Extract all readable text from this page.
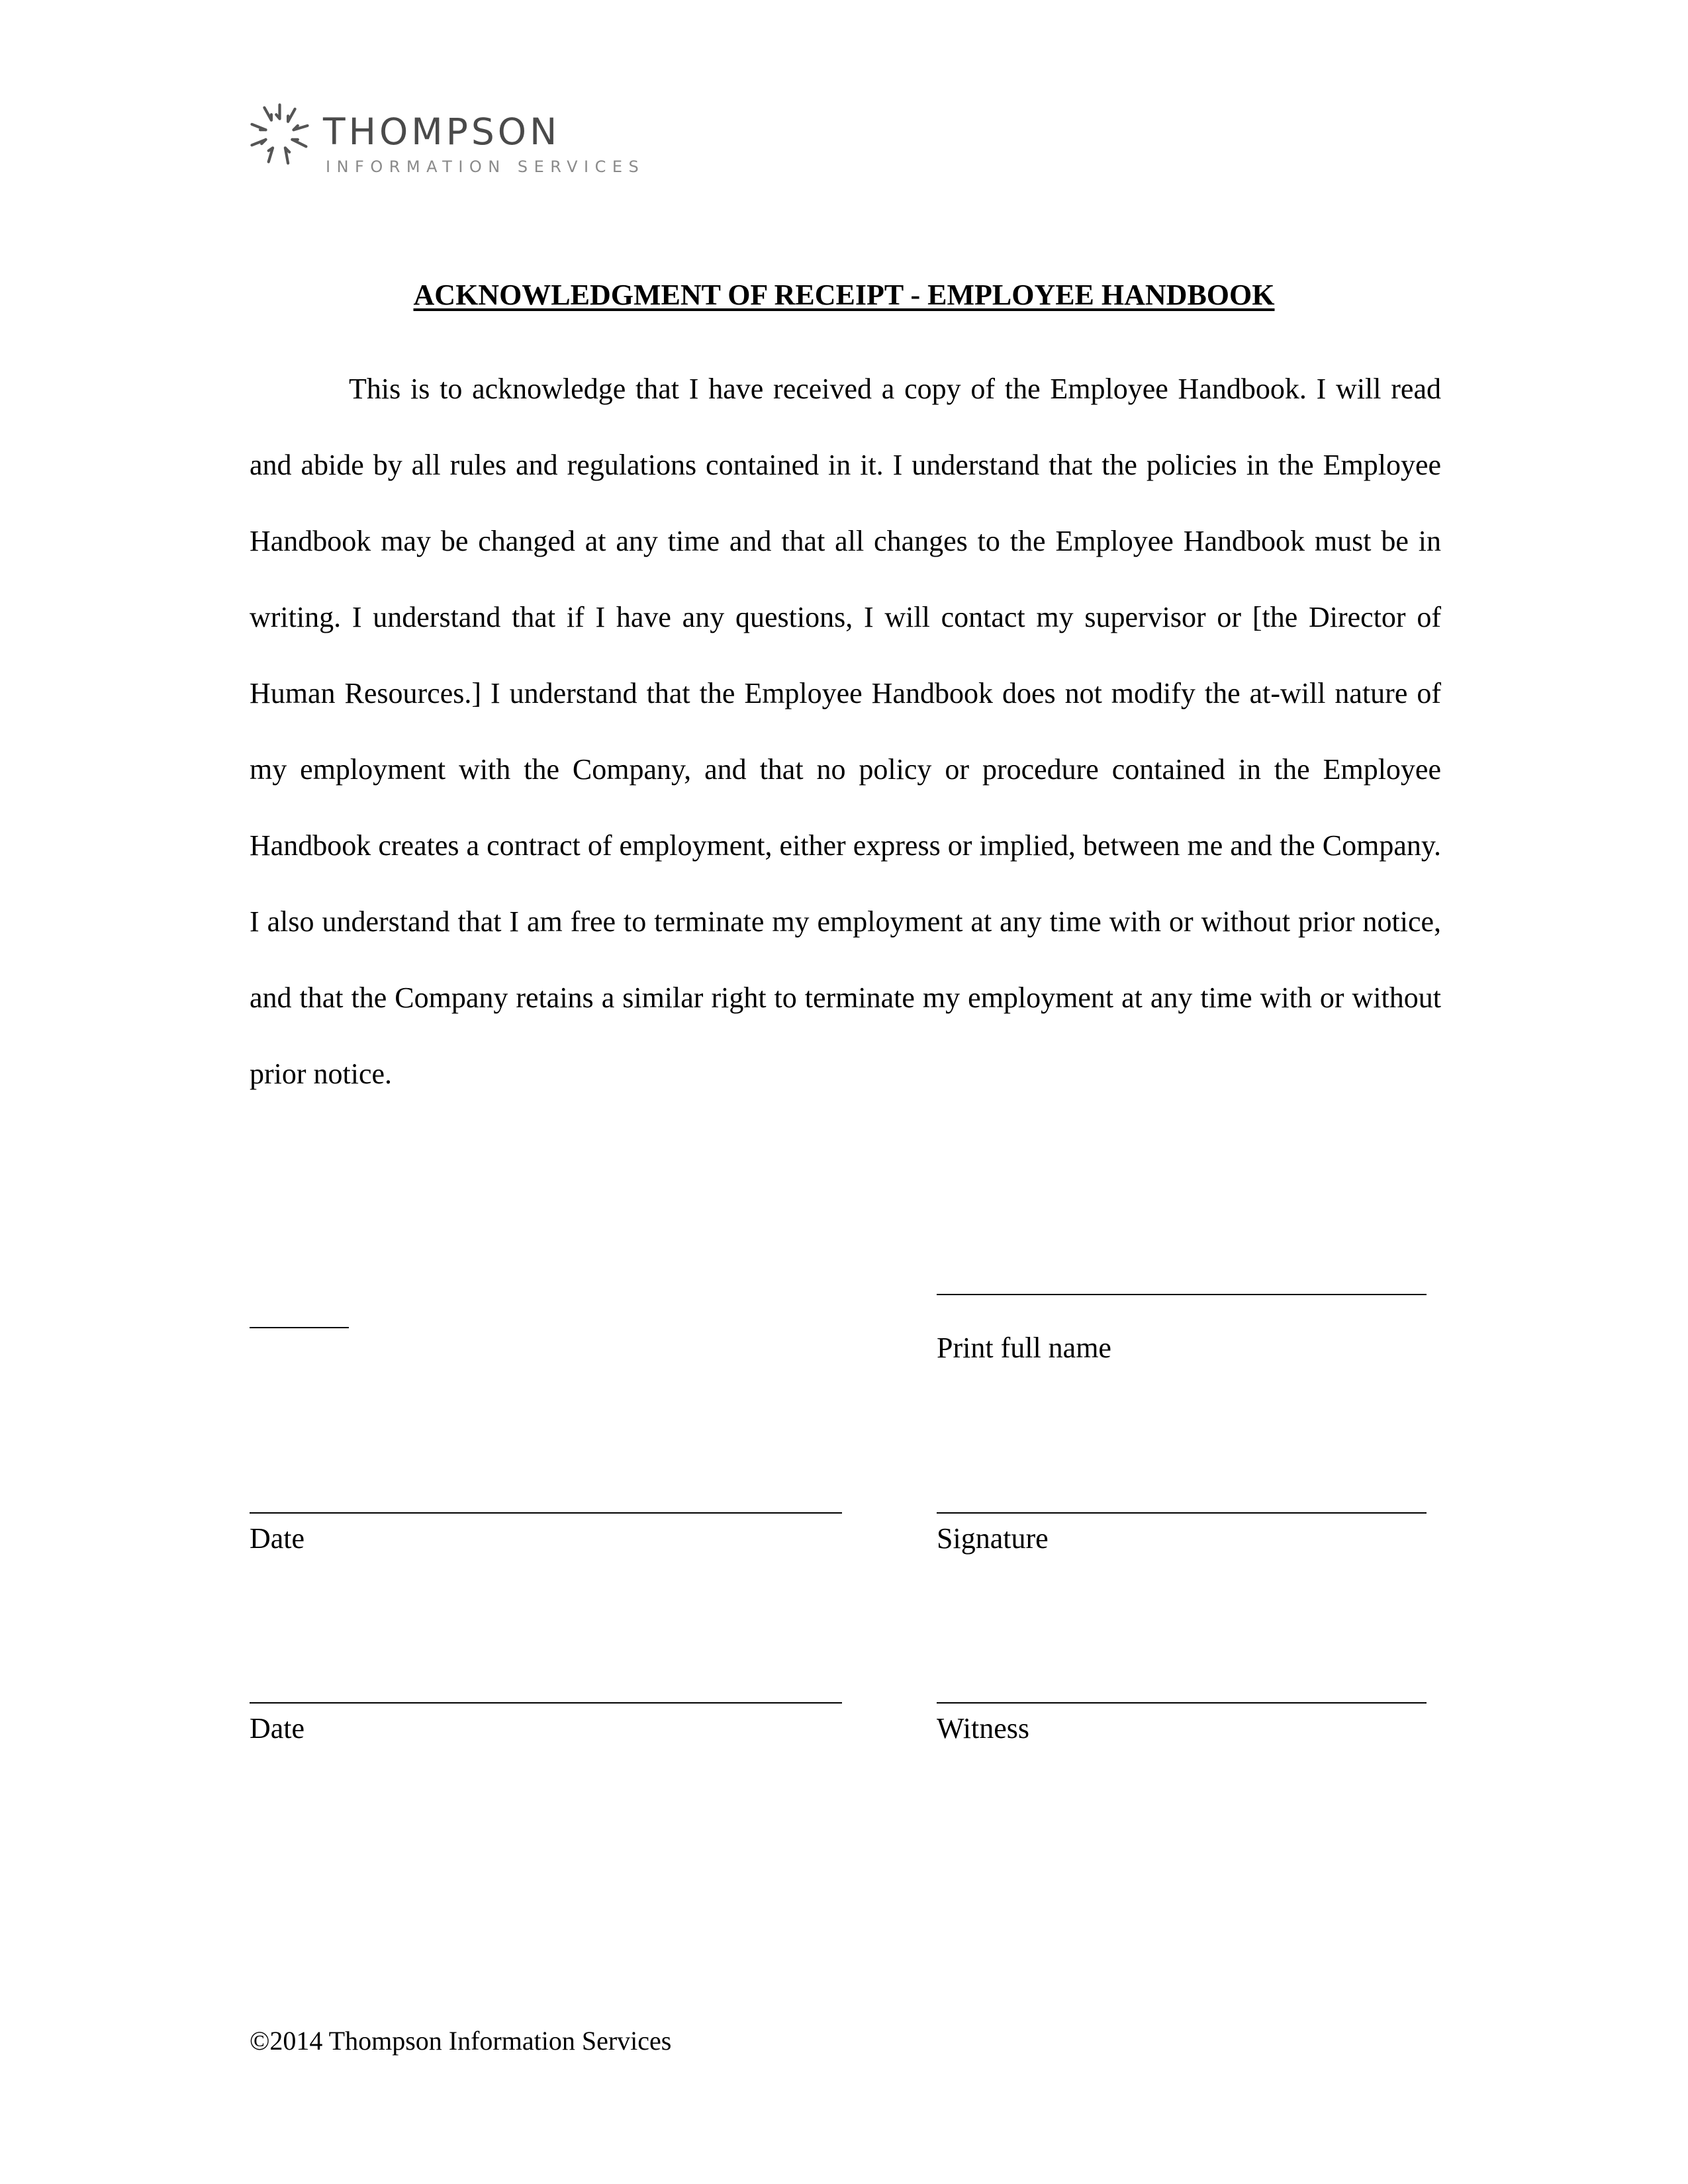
THOMPSON
INFORMATION SERVICES
ACKNOWLEDGMENT OF RECEIPT - EMPLOYEE HANDBOOK

This is to acknowledge that I have received a copy of the Employee Handbook. I will read and abide by all rules and regulations contained in it. I understand that the policies in the Employee Handbook may be changed at any time and that all changes to the Employee Handbook must be in writing. I understand that if I have any questions, I will contact my supervisor or [the Director of Human Resources.] I understand that the Employee Handbook does not modify the at-will nature of my employment with the Company, and that no policy or procedure contained in the Employee Handbook creates a contract of employment, either express or implied, between me and the Company. I also understand that I am free to terminate my employment at any time with or without prior notice, and that the Company retains a similar right to terminate my employment at any time with or without prior notice.

Print full name
Date	Signature
Date	Witness
©2014 Thompson Information Services
